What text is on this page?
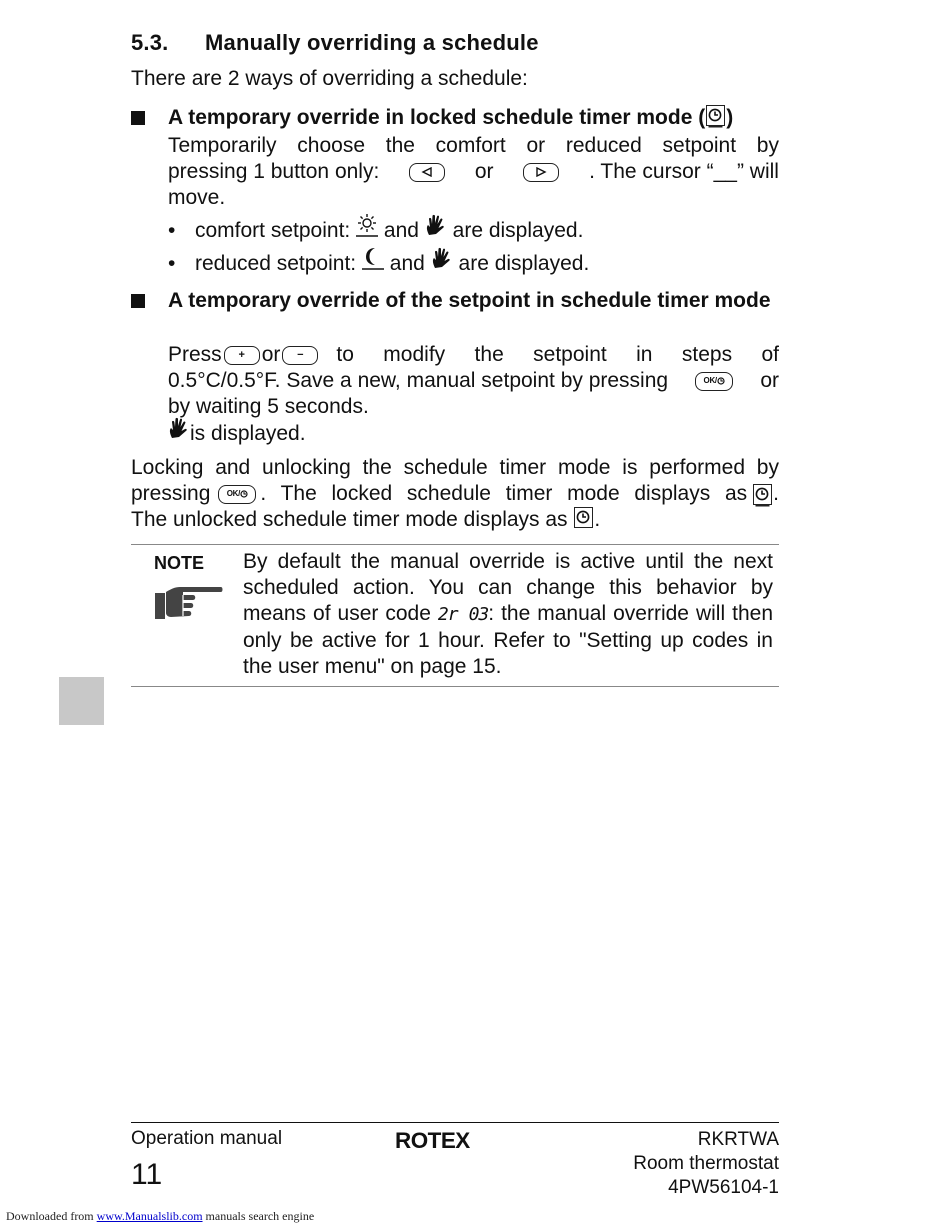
5.3. Manually overriding a schedule
There are 2 ways of overriding a schedule:
A temporary override in locked schedule timer mode ( )
Temporarily choose the comfort or reduced setpoint by
pressing 1 button only:	or	. The cursor “__” will
move.
• comfort setpoint: and are displayed.
• reduced setpoint: and are displayed.
A temporary override of the setpoint in schedule timer mode
Press	+ or	−	to modify the setpoint in steps of
0.5°C/0.5°F. Save a new, manual setpoint by pressing	OK/ or
by waiting 5 seconds.
is displayed.
Locking and unlocking the schedule timer mode is performed by
pressing OK/ . The locked schedule timer mode displays as .
The unlocked schedule timer mode displays as .
NOTE By default the manual override is active until the next scheduled action. You can change this behavior by means of user code 2r 03: the manual override will then only be active for 1 hour. Refer to "Setting up codes in the user menu" on page 15.
Operation manual
11
ROTEX	RKRTWA
Room thermostat
4PW56104-1
Downloaded from www.Manualslib.com manuals search engine
